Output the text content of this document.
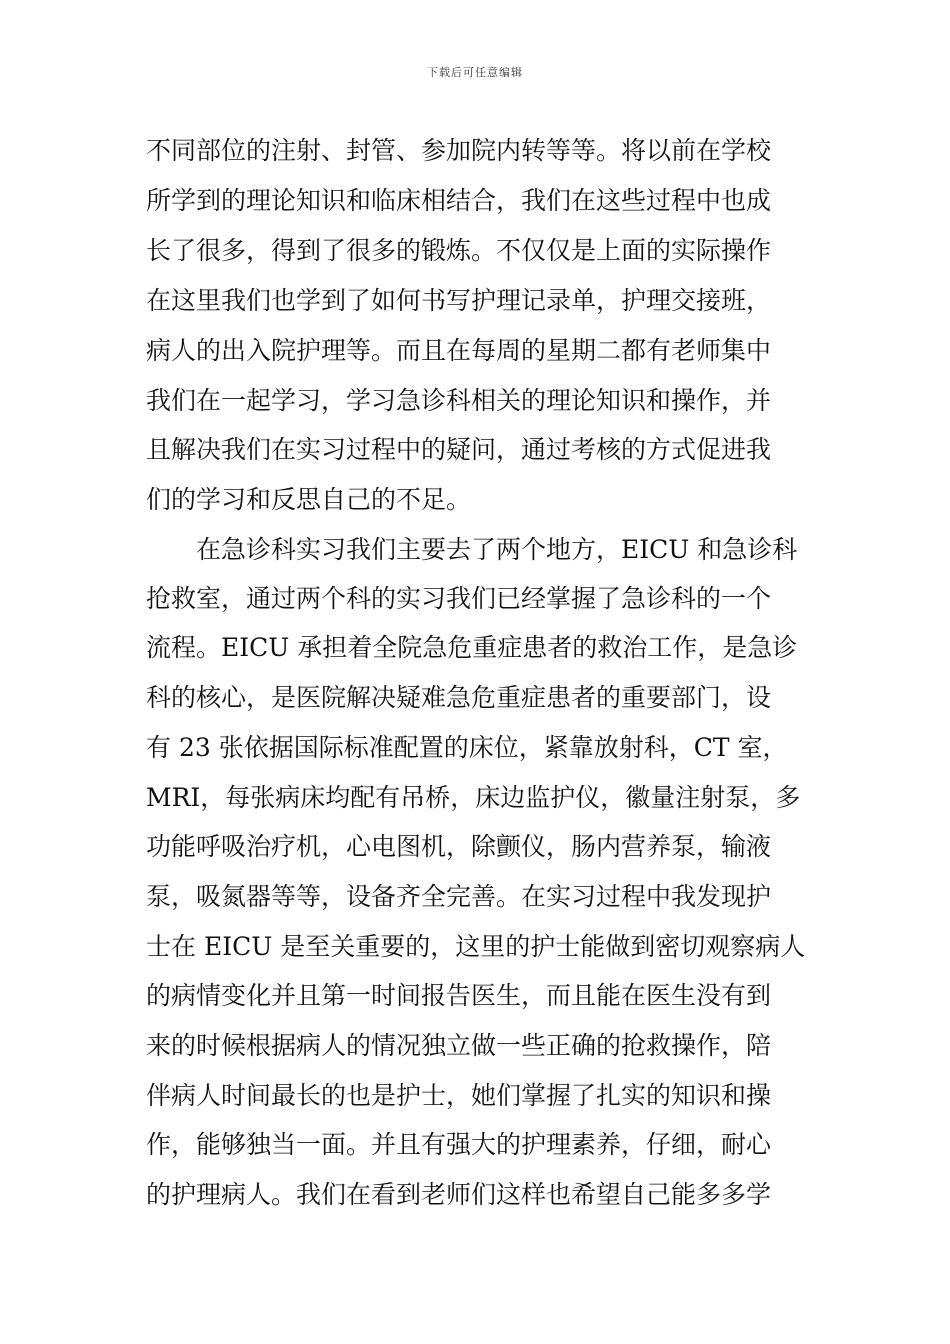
下载后可任意编辑
不同部位的注射、封管、参加院内转等等。将以前在学校
所学到的理论知识和临床相结合，我们在这些过程中也成
长了很多，得到了很多的锻炼。不仅仅是上面的实际操作
在这里我们也学到了如何书写护理记录单，护理交接班，
病人的出入院护理等。而且在每周的星期二都有老师集中
我们在一起学习，学习急诊科相关的理论知识和操作，并
且解决我们在实习过程中的疑问，通过考核的方式促进我
们的学习和反思自己的不足。
　　在急诊科实习我们主要去了两个地方，EICU 和急诊科
抢救室，通过两个科的实习我们已经掌握了急诊科的一个
流程。EICU 承担着全院急危重症患者的救治工作，是急诊
科的核心，是医院解决疑难急危重症患者的重要部门，设
有 23 张依据国际标准配置的床位，紧靠放射科，CT 室，
MRI，每张病床均配有吊桥，床边监护仪，徽量注射泵，多
功能呼吸治疗机，心电图机，除颤仪，肠内营养泵，输液
泵，吸氮器等等，设备齐全完善。在实习过程中我发现护
士在 EICU 是至关重要的，这里的护士能做到密切观察病人
的病情变化并且第一时间报告医生，而且能在医生没有到
来的时候根据病人的情况独立做一些正确的抢救操作，陪
伴病人时间最长的也是护士，她们掌握了扎实的知识和操
作，能够独当一面。并且有强大的护理素养，仔细，耐心
的护理病人。我们在看到老师们这样也希望自己能多多学
